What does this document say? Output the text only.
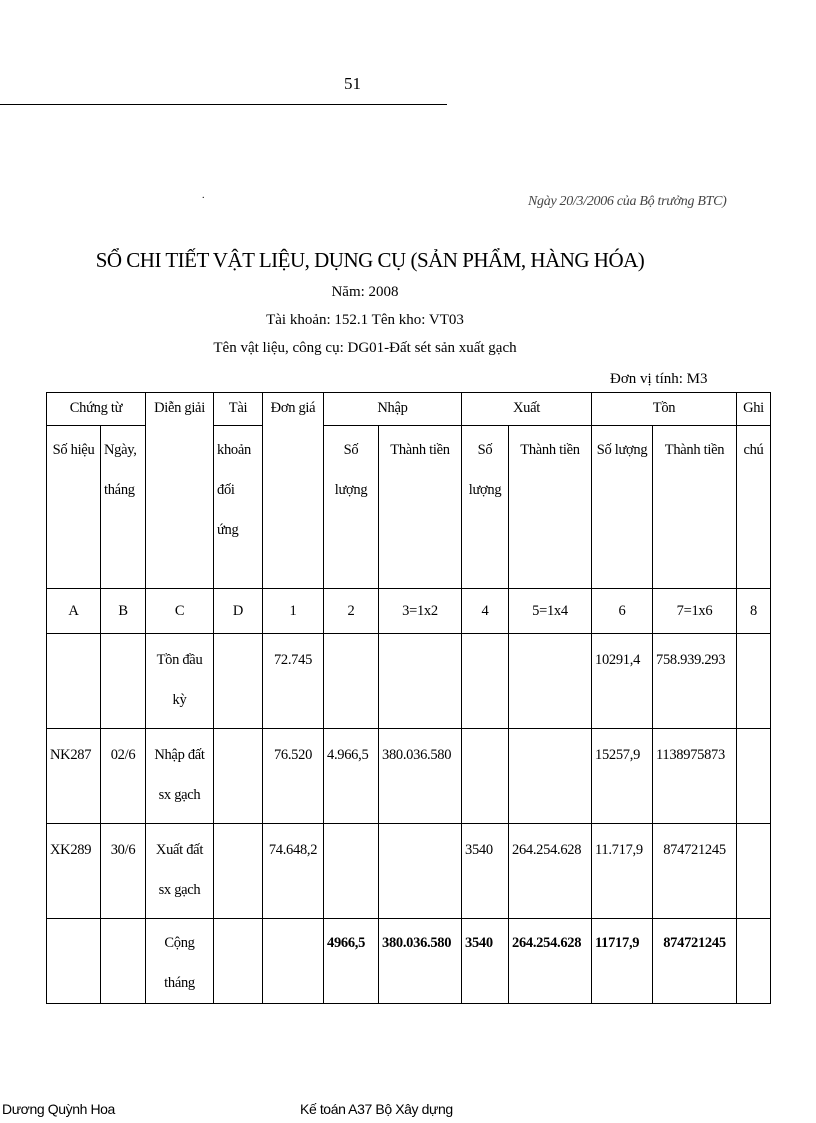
51
.	Ngày 20/3/2006 của Bộ trưởng BTC)
SỔ CHI TIẾT VẬT LIỆU, DỤNG CỤ (SẢN PHẨM, HÀNG HÓA)
Năm: 2008
Tài khoản: 152.1 Tên kho: VT03
Tên vật liệu, công cụ: DG01-Đất sét sản xuất gạch
Đơn vị tính: M3
Chứng từ		Diễn giải	Tài	Đơn giá	Nhập		Xuất		Tồn		Ghi
Số hiệu	Ngày, tháng		khoản đối ứng		Số lượng	Thành tiền	Số lượng	Thành tiền	Số lượng	Thành tiền	chú
A	B	C	D	1	2	3=1x2	4	5=1x4	6	7=1x6	8
		Tồn đầu kỳ		72.745					10291,4	758.939.293	
NK287	02/6	Nhập đất sx gạch		76.520	4.966,5	380.036.580			15257,9	1138975873	
XK289	30/6	Xuất đất sx gạch		74.648,2			3540	264.254.628	11.717,9	874721245	
		Cộng tháng			4966,5	380.036.580	3540	264.254.628	11717,9	874721245	
Dương Quỳnh Hoa	Kế toán A37 Bộ Xây dựng
